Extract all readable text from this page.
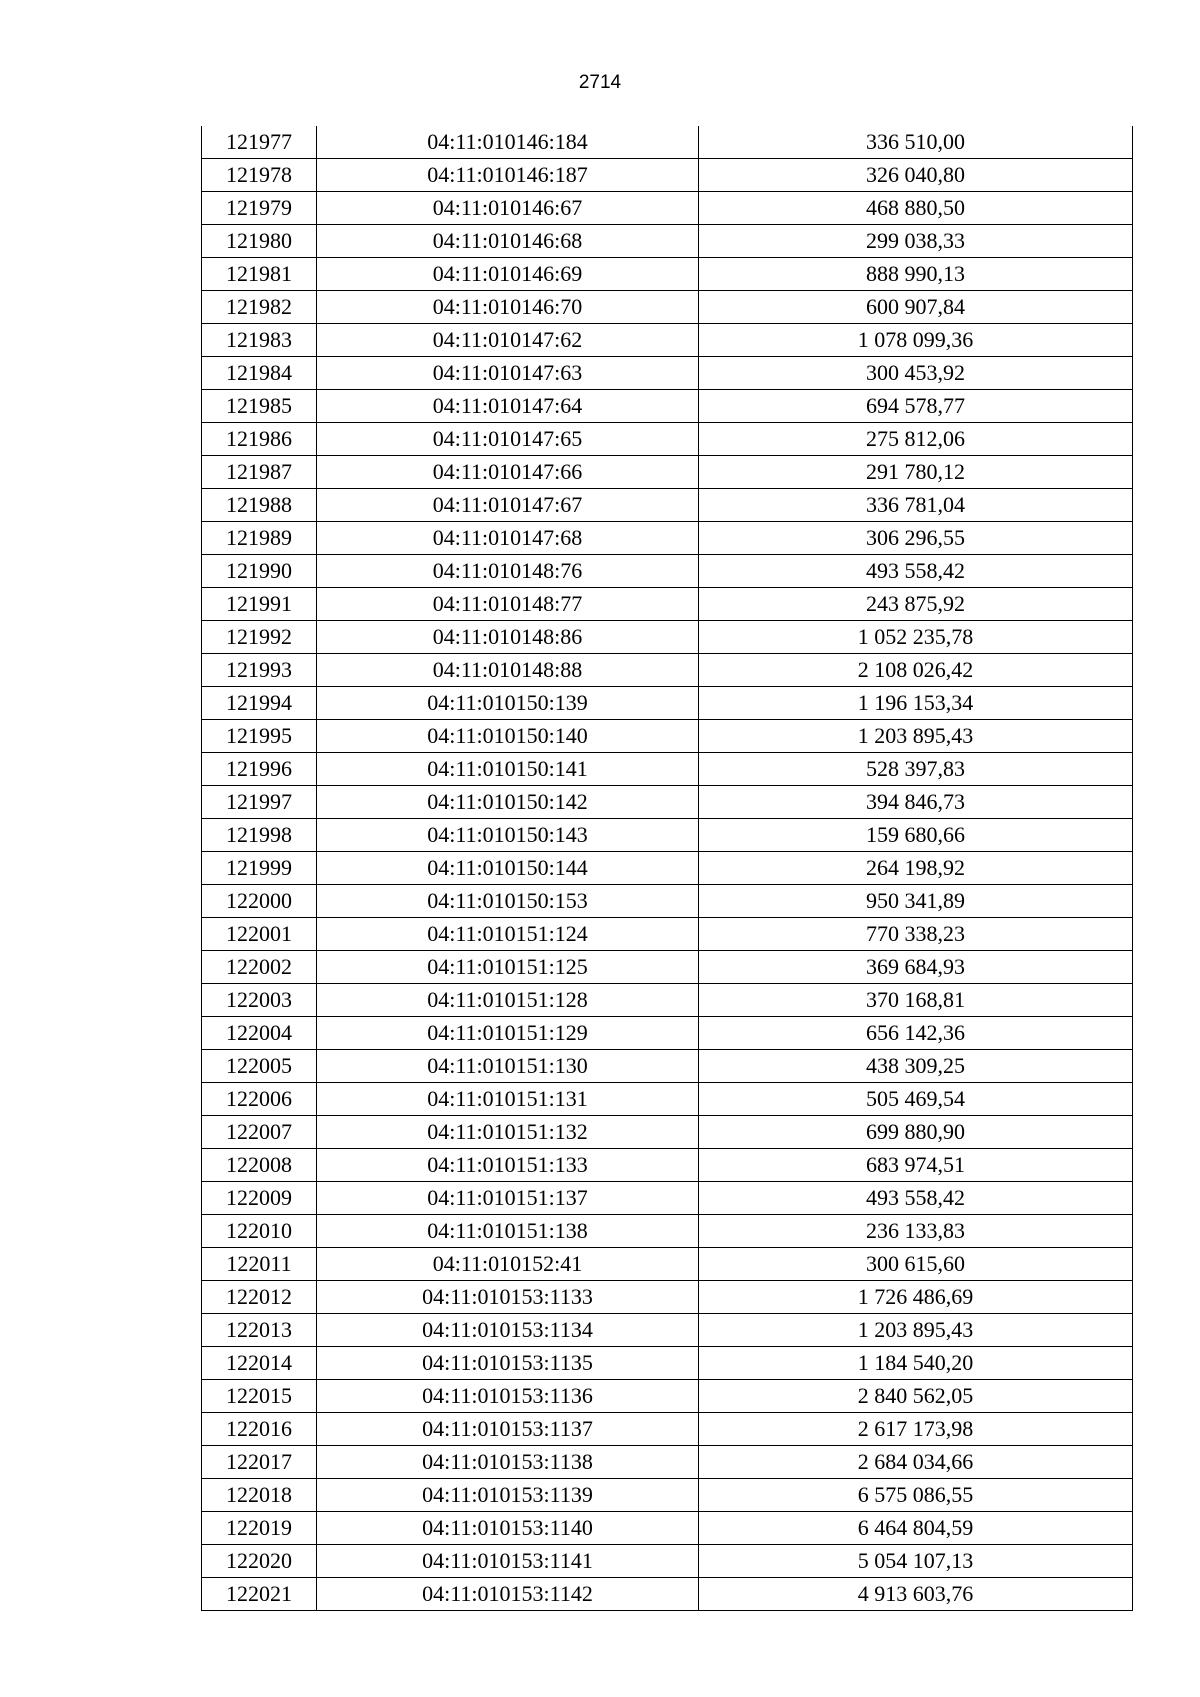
2714
121977	04:11:010146:184	336 510,00
121978	04:11:010146:187	326 040,80
121979	04:11:010146:67	468 880,50
121980	04:11:010146:68	299 038,33
121981	04:11:010146:69	888 990,13
121982	04:11:010146:70	600 907,84
121983	04:11:010147:62	1 078 099,36
121984	04:11:010147:63	300 453,92
121985	04:11:010147:64	694 578,77
121986	04:11:010147:65	275 812,06
121987	04:11:010147:66	291 780,12
121988	04:11:010147:67	336 781,04
121989	04:11:010147:68	306 296,55
121990	04:11:010148:76	493 558,42
121991	04:11:010148:77	243 875,92
121992	04:11:010148:86	1 052 235,78
121993	04:11:010148:88	2 108 026,42
121994	04:11:010150:139	1 196 153,34
121995	04:11:010150:140	1 203 895,43
121996	04:11:010150:141	528 397,83
121997	04:11:010150:142	394 846,73
121998	04:11:010150:143	159 680,66
121999	04:11:010150:144	264 198,92
122000	04:11:010150:153	950 341,89
122001	04:11:010151:124	770 338,23
122002	04:11:010151:125	369 684,93
122003	04:11:010151:128	370 168,81
122004	04:11:010151:129	656 142,36
122005	04:11:010151:130	438 309,25
122006	04:11:010151:131	505 469,54
122007	04:11:010151:132	699 880,90
122008	04:11:010151:133	683 974,51
122009	04:11:010151:137	493 558,42
122010	04:11:010151:138	236 133,83
122011	04:11:010152:41	300 615,60
122012	04:11:010153:1133	1 726 486,69
122013	04:11:010153:1134	1 203 895,43
122014	04:11:010153:1135	1 184 540,20
122015	04:11:010153:1136	2 840 562,05
122016	04:11:010153:1137	2 617 173,98
122017	04:11:010153:1138	2 684 034,66
122018	04:11:010153:1139	6 575 086,55
122019	04:11:010153:1140	6 464 804,59
122020	04:11:010153:1141	5 054 107,13
122021	04:11:010153:1142	4 913 603,76
